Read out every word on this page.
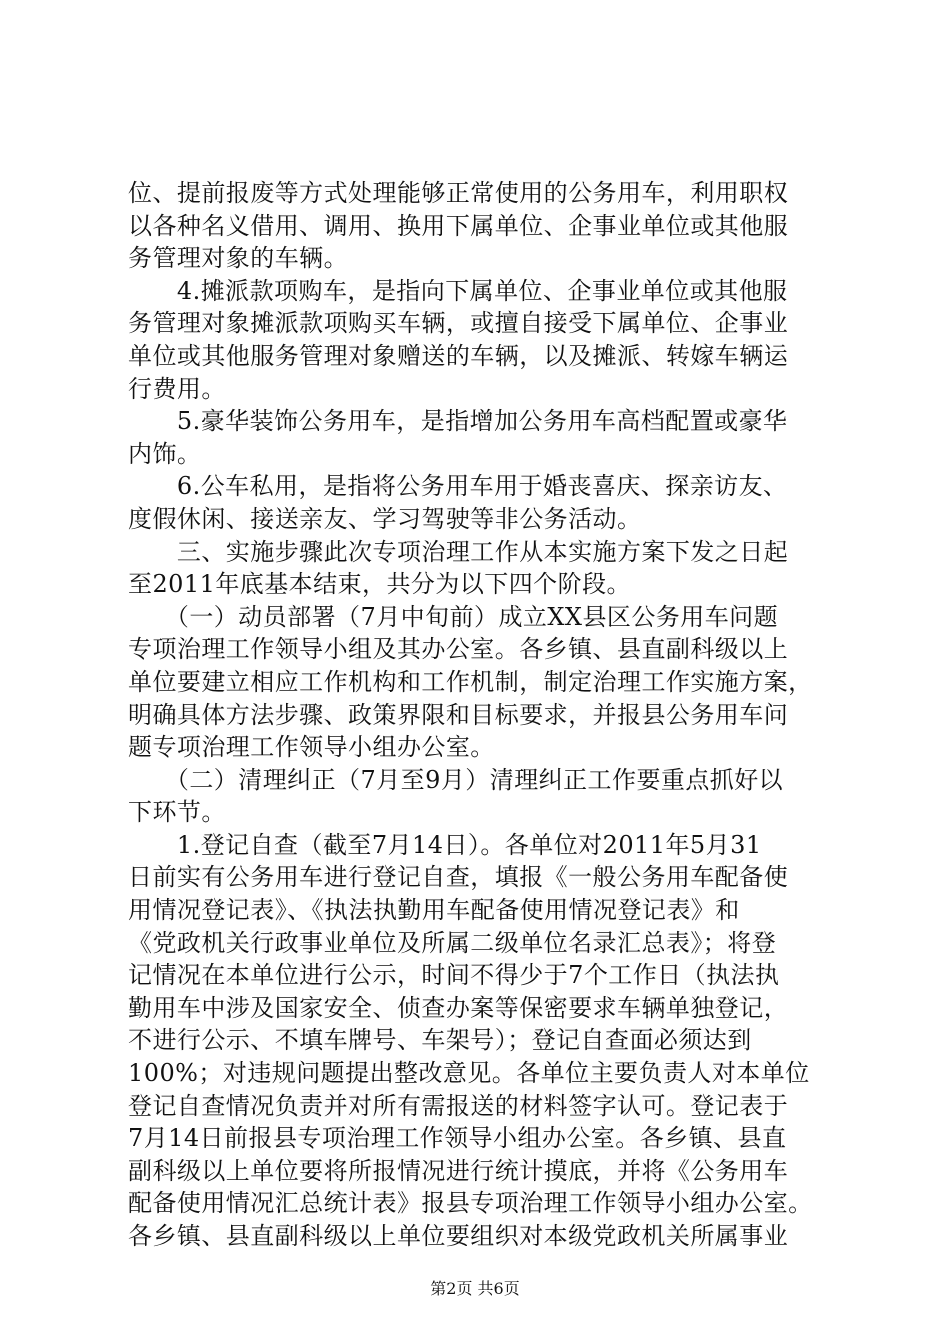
位、提前报废等方式处理能够正常使用的公务用车，利用职权
以各种名义借用、调用、换用下属单位、企事业单位或其他服
务管理对象的车辆。
　　4.摊派款项购车，是指向下属单位、企事业单位或其他服
务管理对象摊派款项购买车辆，或擅自接受下属单位、企事业
单位或其他服务管理对象赠送的车辆，以及摊派、转嫁车辆运
行费用。
　　5.豪华装饰公务用车，是指增加公务用车高档配置或豪华
内饰。
　　6.公车私用，是指将公务用车用于婚丧喜庆、探亲访友、
度假休闲、接送亲友、学习驾驶等非公务活动。
　　三、实施步骤此次专项治理工作从本实施方案下发之日起
至2011年底基本结束，共分为以下四个阶段。
　　（一）动员部署（7月中旬前）成立XX县区公务用车问题
专项治理工作领导小组及其办公室。各乡镇、县直副科级以上
单位要建立相应工作机构和工作机制，制定治理工作实施方案，
明确具体方法步骤、政策界限和目标要求，并报县公务用车问
题专项治理工作领导小组办公室。
　　（二）清理纠正（7月至9月）清理纠正工作要重点抓好以
下环节。
　　1.登记自查（截至7月14日）。各单位对2011年5月31
日前实有公务用车进行登记自查，填报《一般公务用车配备使
用情况登记表》、《执法执勤用车配备使用情况登记表》和
《党政机关行政事业单位及所属二级单位名录汇总表》；将登
记情况在本单位进行公示，时间不得少于7个工作日（执法执
勤用车中涉及国家安全、侦查办案等保密要求车辆单独登记，
不进行公示、不填车牌号、车架号）；登记自查面必须达到
100%；对违规问题提出整改意见。各单位主要负责人对本单位
登记自查情况负责并对所有需报送的材料签字认可。登记表于
7月14日前报县专项治理工作领导小组办公室。各乡镇、县直
副科级以上单位要将所报情况进行统计摸底，并将《公务用车
配备使用情况汇总统计表》报县专项治理工作领导小组办公室。
各乡镇、县直副科级以上单位要组织对本级党政机关所属事业
第2页 共6页
